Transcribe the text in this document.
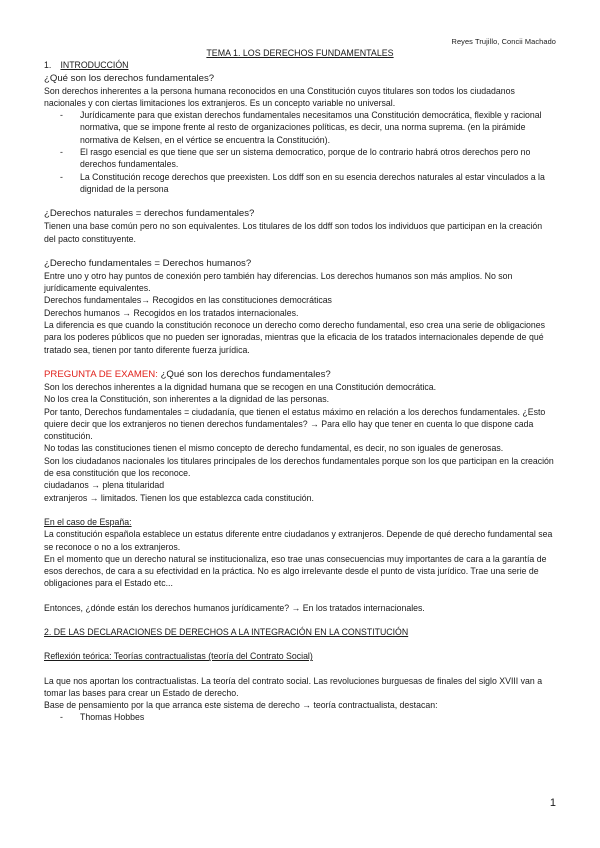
Reyes Trujillo, Concii Machado

TEMA 1. LOS DERECHOS FUNDAMENTALES

1. INTRODUCCIÓN

¿Qué son los derechos fundamentales?

Son derechos inherentes a la persona humana reconocidos en una Constitución cuyos titulares son todos los ciudadanos nacionales y con ciertas limitaciones los extranjeros. Es un concepto variable no universal.

- Jurídicamente para que existan derechos fundamentales necesitamos una Constitución democrática, flexible y racional normativa, que se impone frente al resto de organizaciones políticas, es decir, una norma suprema. (en la pirámide normativa de Kelsen, en el vértice se encuentra la Constitución).
- El rasgo esencial es que tiene que ser un sistema democratico, porque de lo contrario habrá otros derechos pero no derechos fundamentales.
- La Constitución recoge derechos que preexisten. Los ddff son en su esencia derechos naturales al estar vinculados a la dignidad de la persona

¿Derechos naturales = derechos fundamentales?

Tienen una base común pero no son equivalentes. Los titulares de los ddff son todos los individuos que participan en la creación del pacto constituyente.

¿Derecho fundamentales = Derechos humanos?

Entre uno y otro hay puntos de conexión pero también hay diferencias. Los derechos humanos son más amplios. No son jurídicamente equivalentes.

Derechos fundamentales→ Recogidos en las constituciones democráticas

Derechos humanos → Recogidos en los tratados internacionales.

La diferencia es que cuando la constitución reconoce un derecho como derecho fundamental, eso crea una serie de obligaciones para los poderes públicos que no pueden ser ignoradas, mientras que la eficacia de los tratados internacionales depende de qué tratado sea, tienen por tanto diferente fuerza jurídica.

PREGUNTA DE EXAMEN: ¿Qué son los derechos fundamentales?

Son los derechos inherentes a la dignidad humana que se recogen en una Constitución democrática.

No los crea la Constitución, son inherentes a la dignidad de las personas.

Por tanto, Derechos fundamentales = ciudadanía, que tienen el estatus máximo en relación a los derechos fundamentales. ¿Esto quiere decir que los extranjeros no tienen derechos fundamentales? → Para ello hay que tener en cuenta lo que dispone cada constitución.

No todas las constituciones tienen el mismo concepto de derecho fundamental, es decir, no son iguales de generosas.

Son los ciudadanos nacionales los titulares principales de los derechos fundamentales porque son los que participan en la creación de esa constitución que los reconoce.

ciudadanos → plena titularidad

extranjeros → limitados. Tienen los que establezca cada constitución.

En el caso de España:

La constitución española establece un estatus diferente entre ciudadanos y extranjeros. Depende de qué derecho fundamental sea se reconoce o no a los extranjeros.

En el momento que un derecho natural se institucionaliza, eso trae unas consecuencias muy importantes de cara a la garantía de esos derechos, de cara a su efectividad en la práctica. No es algo irrelevante desde el punto de vista jurídico. Trae una serie de obligaciones para el Estado etc...

Entonces, ¿dónde están los derechos humanos jurídicamente? → En los tratados internacionales.

2. DE LAS DECLARACIONES DE DERECHOS A LA INTEGRACIÓN EN LA CONSTITUCIÓN

Reflexión teórica: Teorías contractualistas (teoría del Contrato Social)

La que nos aportan los contractualistas. La teoría del contrato social. Las revoluciones burguesas de finales del siglo XVIII van a tomar las bases para crear un Estado de derecho.

Base de pensamiento por la que arranca este sistema de derecho → teoría contractualista, destacan:

- Thomas Hobbes
1
